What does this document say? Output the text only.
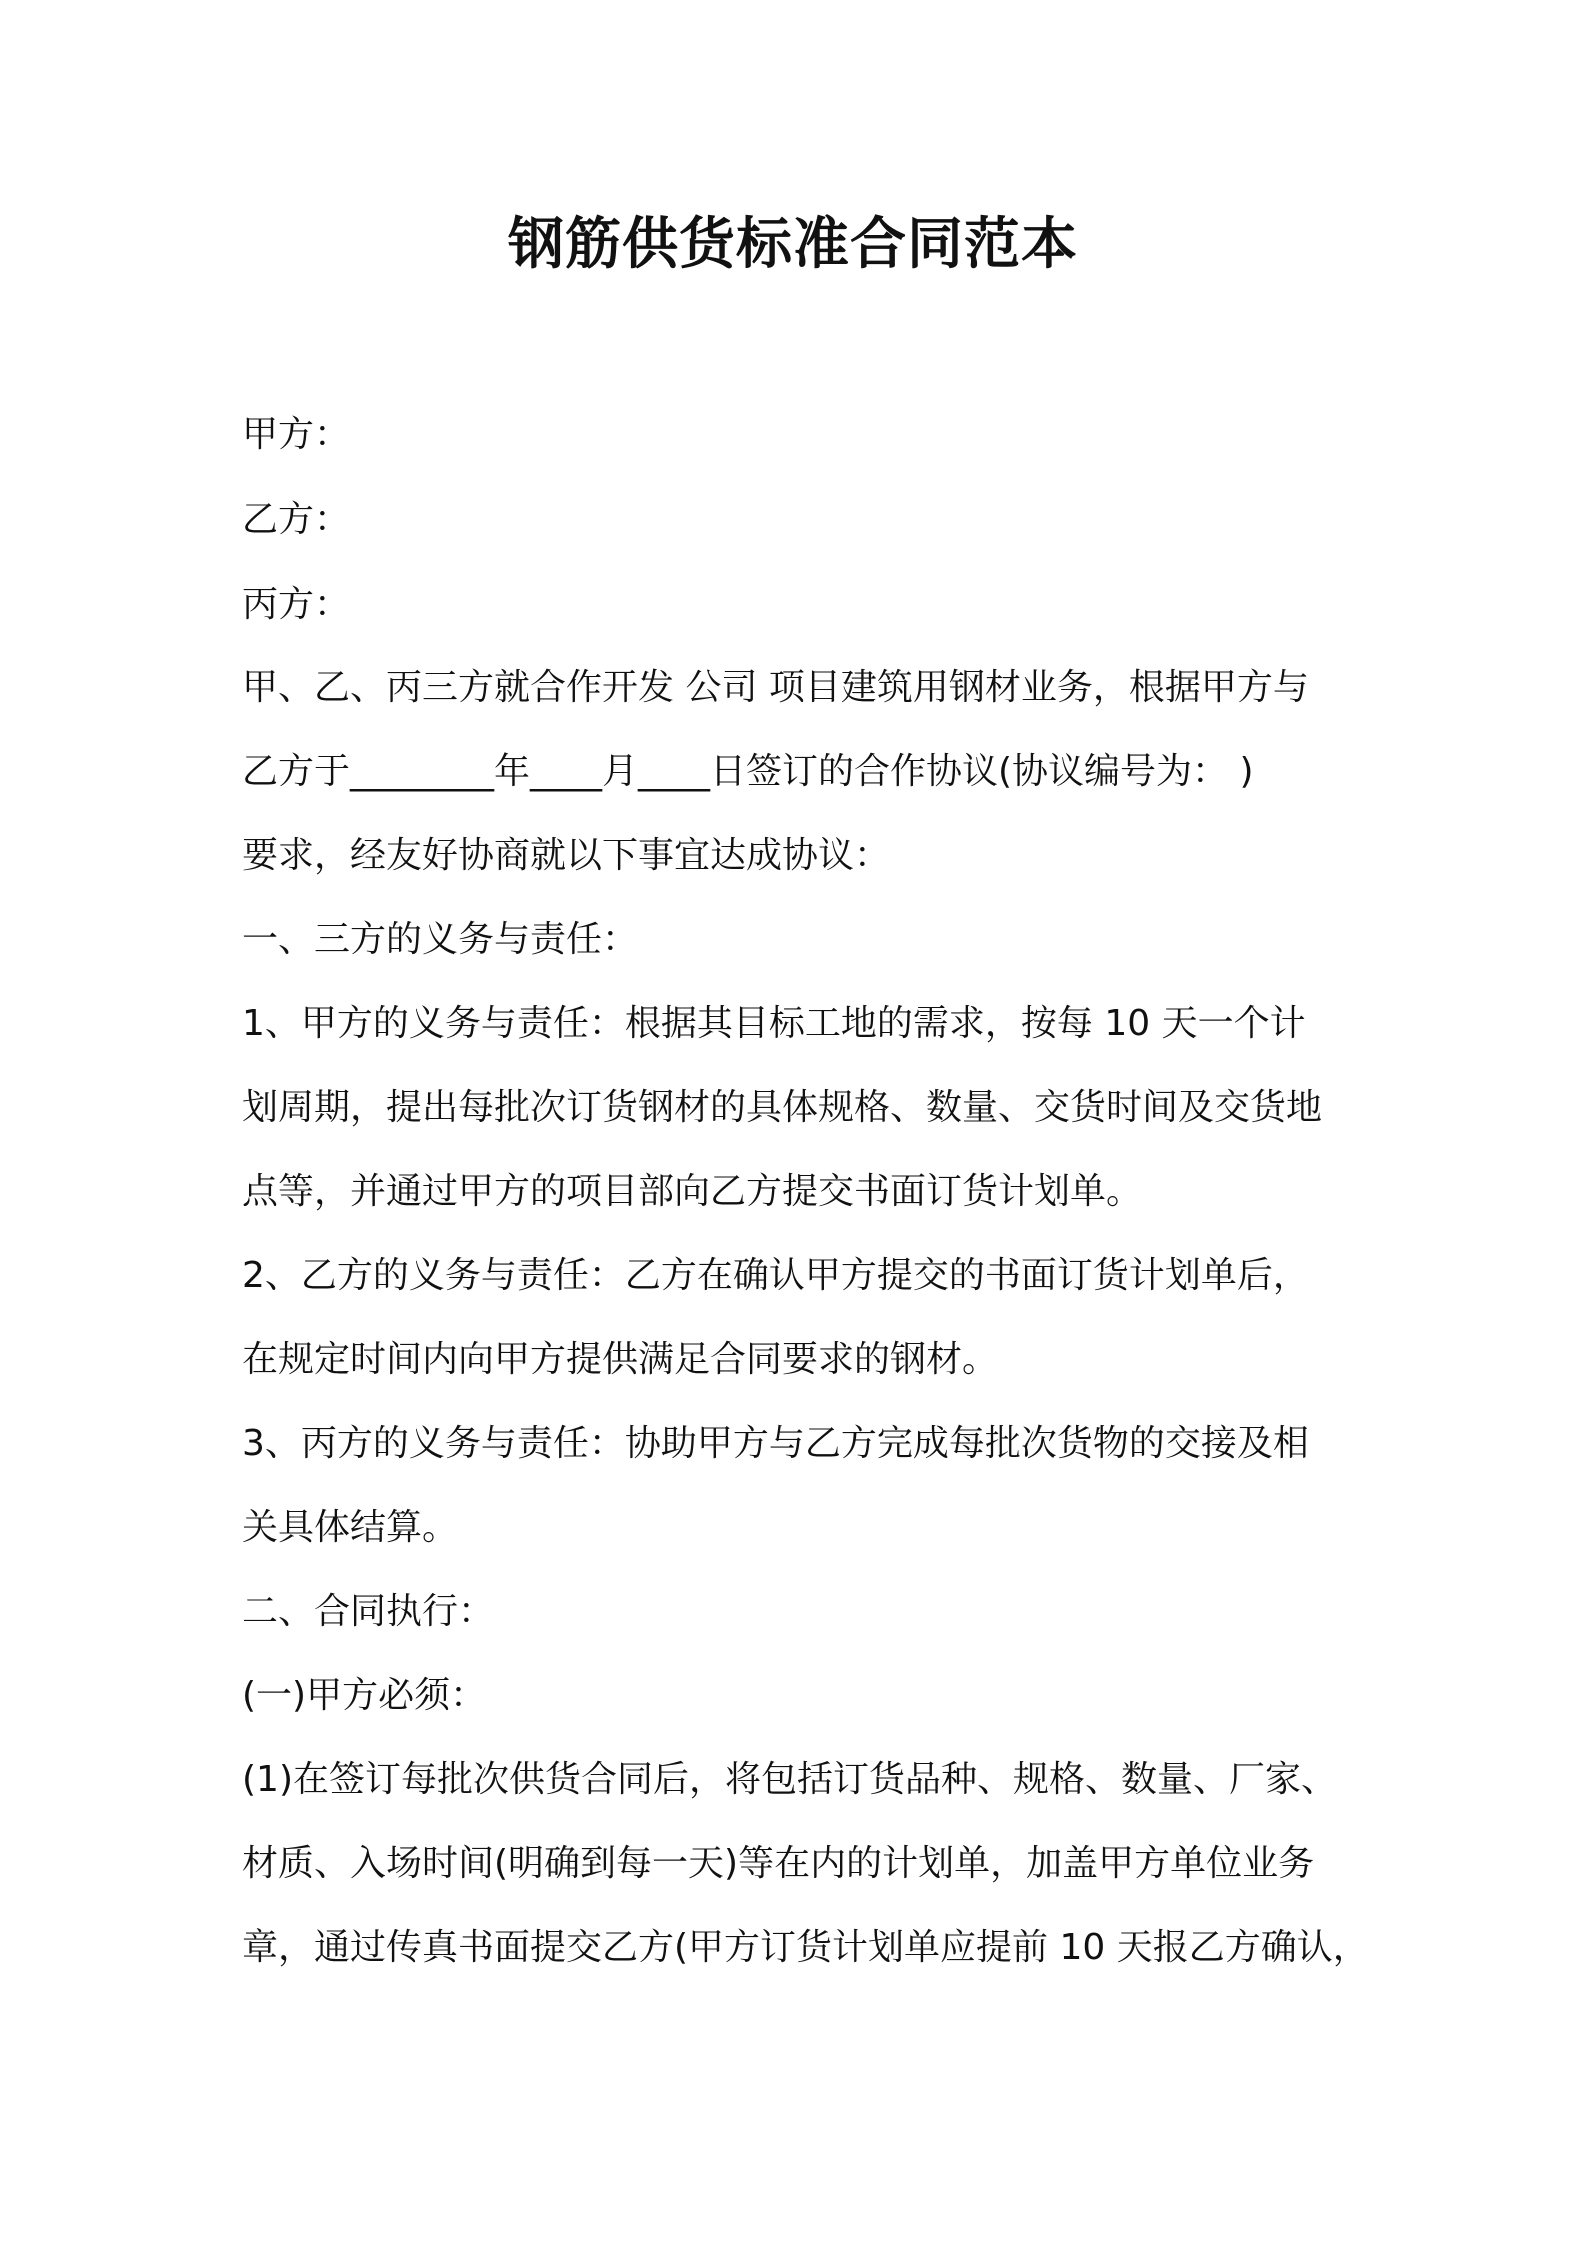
钢筋供货标准合同范本
甲方：
乙方：
丙方：
甲、乙、丙三方就合作开发 公司 项目建筑用钢材业务，根据甲方与
乙方于________年____月____日签订的合作协议(协议编号为： )
要求，经友好协商就以下事宜达成协议：
一、三方的义务与责任：
1、甲方的义务与责任：根据其目标工地的需求，按每 10 天一个计
划周期，提出每批次订货钢材的具体规格、数量、交货时间及交货地
点等，并通过甲方的项目部向乙方提交书面订货计划单。
2、乙方的义务与责任：乙方在确认甲方提交的书面订货计划单后，
在规定时间内向甲方提供满足合同要求的钢材。
3、丙方的义务与责任：协助甲方与乙方完成每批次货物的交接及相
关具体结算。
二、合同执行：
(一)甲方必须：
(1)在签订每批次供货合同后，将包括订货品种、规格、数量、厂家、
材质、入场时间(明确到每一天)等在内的计划单，加盖甲方单位业务
章，通过传真书面提交乙方(甲方订货计划单应提前 10 天报乙方确认，
